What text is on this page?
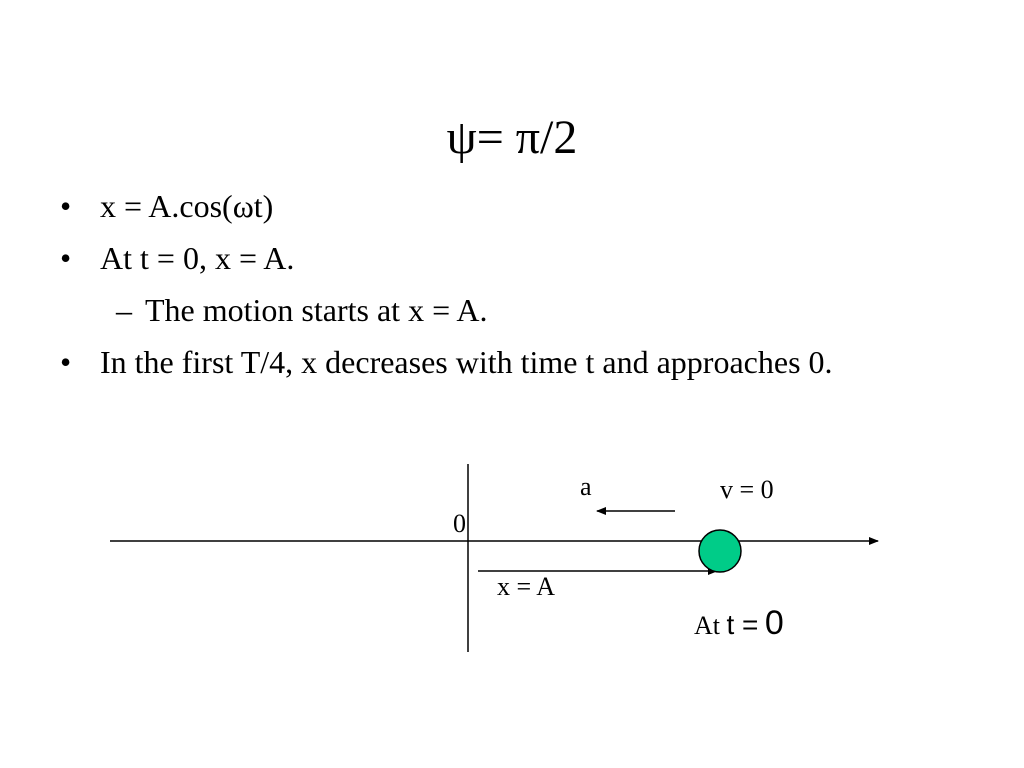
ψ= π/2
• x = A.cos(ωt)
• At t = 0, x = A.
– The motion starts at x = A.
• In the first T/4, x decreases with time t and approaches 0.
0
a	v = 0
x = A
At t = 0
